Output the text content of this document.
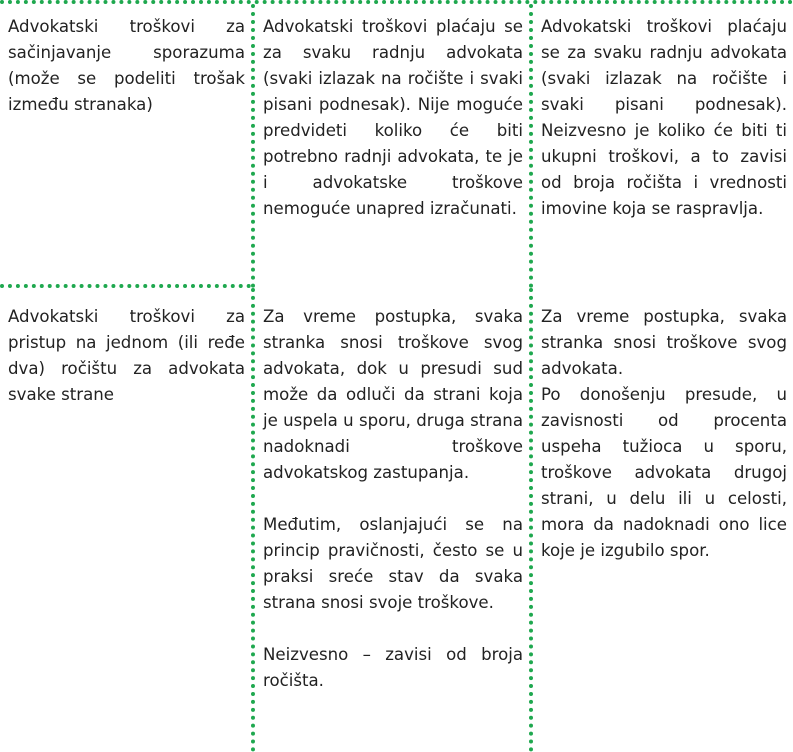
Advokatski troškovi za sačinjavanje sporazuma (može se podeliti trošak između stranaka)

Advokatski troškovi plaćaju se za svaku radnju advokata (svaki izlazak na ročište i svaki pisani podnesak). Nije moguće predvideti koliko će biti potrebno radnji advokata, te je i advokatske troškove nemoguće unapred izračunati.

Advokatski troškovi plaćaju se za svaku radnju advokata (svaki izlazak na ročište i svaki pisani podnesak). Neizvesno je koliko će biti ti ukupni troškovi, a to zavisi od broja ročišta i vrednosti imovine koja se raspravlja.

Advokatski troškovi za pristup na jednom (ili ređe dva) ročištu za advokata svake strane

Za vreme postupka, svaka stranka snosi troškove svog advokata, dok u presudi sud može da odluči da strani koja je uspela u sporu, druga strana nadoknadi troškove advokatskog zastupanja.

Međutim, oslanjajući se na princip pravičnosti, često se u praksi sreće stav da svaka strana snosi svoje troškove.

Neizvesno – zavisi od broja ročišta.

Za vreme postupka, svaka stranka snosi troškove svog advokata.

Po donošenju presude, u zavisnosti od procenta uspeha tužioca u sporu, troškove advokata drugoj strani, u delu ili u celosti, mora da nadoknadi ono lice koje je izgubilo spor.
